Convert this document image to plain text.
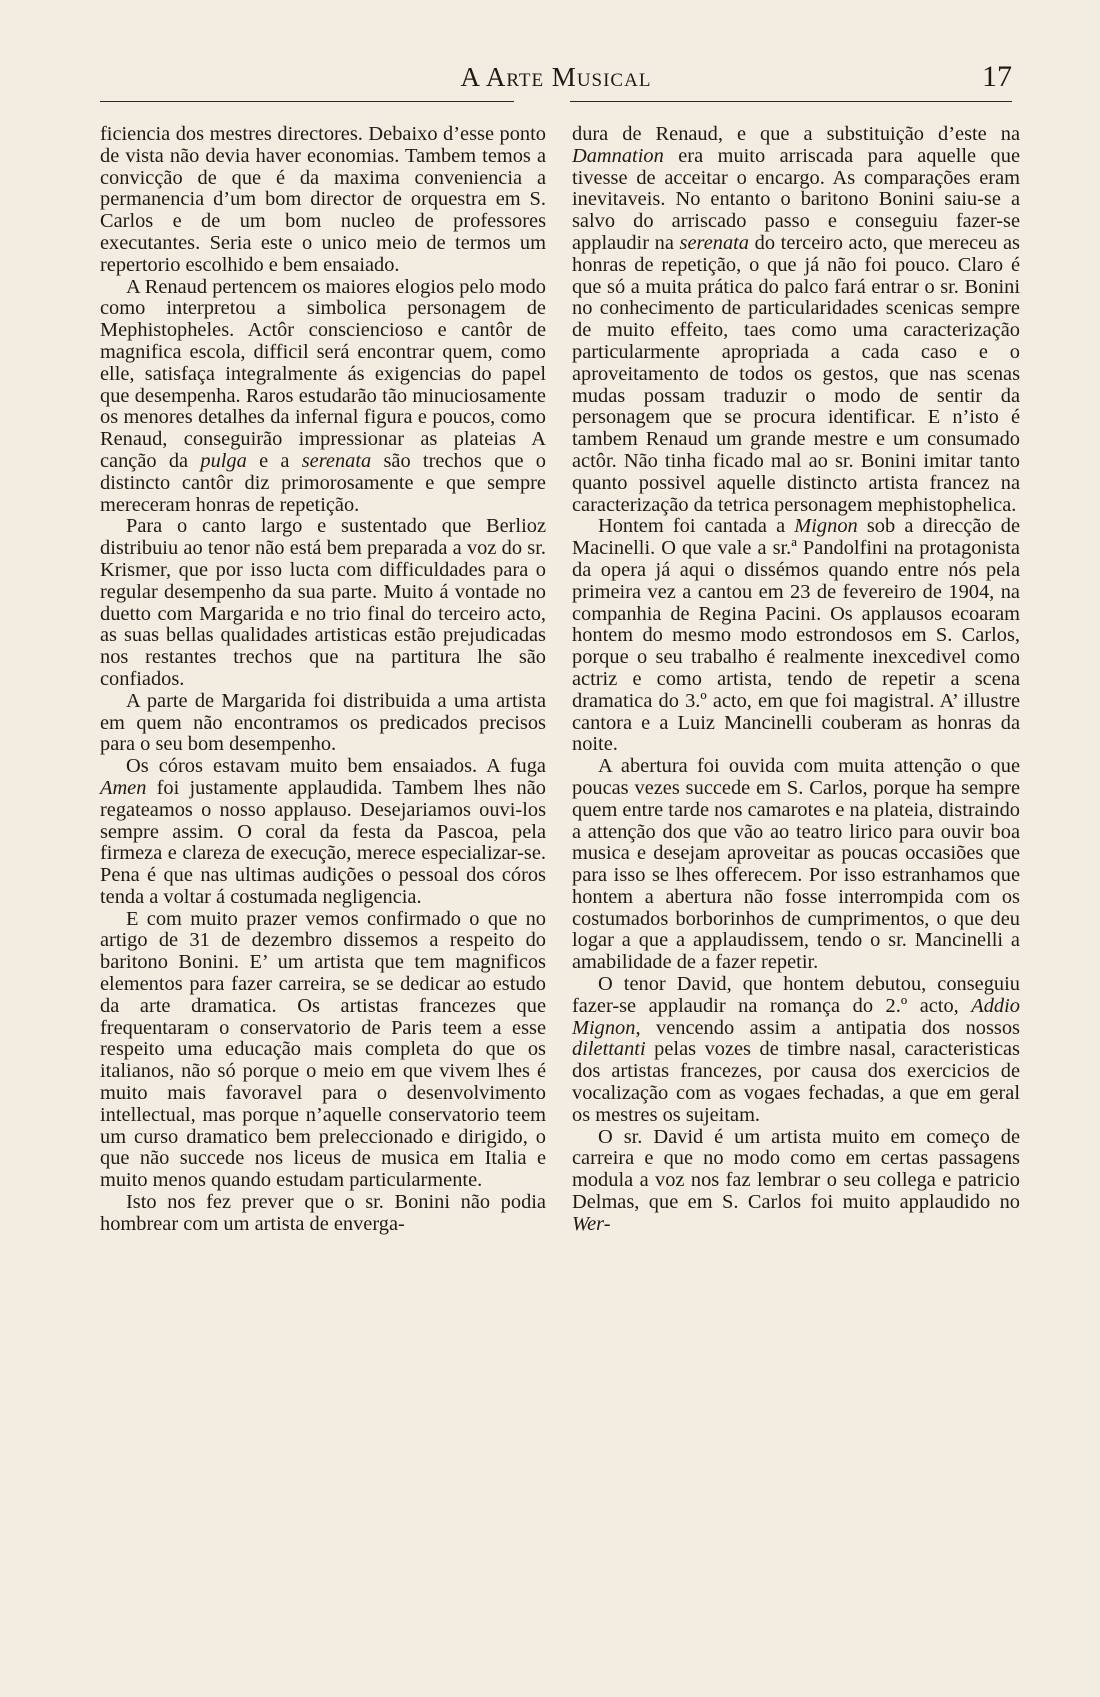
A Arte Musical	17

ficiencia dos mestres directores. Debaixo d’esse ponto de vista não devia haver economias. Tambem temos a convicção de que é da maxima conveniencia a permanencia d’um bom director de orquestra em S. Carlos e de um bom nucleo de professores executantes. Seria este o unico meio de termos um repertorio escolhido e bem ensaiado.

A Renaud pertencem os maiores elogios pelo modo como interpretou a simbolica personagem de Mephistopheles. Actôr consciencioso e cantôr de magnifica escola, difficil será encontrar quem, como elle, satisfaça integralmente ás exigencias do papel que desempenha. Raros estudarão tão minuciosamente os menores detalhes da infernal figura e poucos, como Renaud, conseguirão impressionar as plateias A canção da pulga e a serenata são trechos que o distincto cantôr diz primorosamente e que sempre mereceram honras de repetição.

Para o canto largo e sustentado que Berlioz distribuiu ao tenor não está bem preparada a voz do sr. Krismer, que por isso lucta com difficuldades para o regular desempenho da sua parte. Muito á vontade no duetto com Margarida e no trio final do terceiro acto, as suas bellas qualidades artisticas estão prejudicadas nos restantes trechos que na partitura lhe são confiados.

A parte de Margarida foi distribuida a uma artista em quem não encontramos os predicados precisos para o seu bom desempenho.

Os córos estavam muito bem ensaiados. A fuga Amen foi justamente applaudida. Tambem lhes não regateamos o nosso applauso. Desejariamos ouvi-los sempre assim. O coral da festa da Pascoa, pela firmeza e clareza de execução, merece especializar-se. Pena é que nas ultimas audições o pessoal dos córos tenda a voltar á costumada negligencia.

E com muito prazer vemos confirmado o que no artigo de 31 de dezembro dissemos a respeito do baritono Bonini. E’ um artista que tem magnificos elementos para fazer carreira, se se dedicar ao estudo da arte dramatica. Os artistas francezes que frequentaram o conservatorio de Paris teem a esse respeito uma educação mais completa do que os italianos, não só porque o meio em que vivem lhes é muito mais favoravel para o desenvolvimento intellectual, mas porque n’aquelle conservatorio teem um curso dramatico bem preleccionado e dirigido, o que não succede nos liceus de musica em Italia e muito menos quando estudam particularmente.

Isto nos fez prever que o sr. Bonini não podia hombrear com um artista de enverga-

dura de Renaud, e que a substituição d’este na Damnation era muito arriscada para aquelle que tivesse de acceitar o encargo. As comparações eram inevitaveis. No entanto o baritono Bonini saiu-se a salvo do arriscado passo e conseguiu fazer-se applaudir na serenata do terceiro acto, que mereceu as honras de repetição, o que já não foi pouco. Claro é que só a muita prática do palco fará entrar o sr. Bonini no conhecimento de particularidades scenicas sempre de muito effeito, taes como uma caracterização particularmente apropriada a cada caso e o aproveitamento de todos os gestos, que nas scenas mudas possam traduzir o modo de sentir da personagem que se procura identificar. E n’isto é tambem Renaud um grande mestre e um consumado actôr. Não tinha ficado mal ao sr. Bonini imitar tanto quanto possivel aquelle distincto artista francez na caracterização da tetrica personagem mephistophelica.

Hontem foi cantada a Mignon sob a direcção de Macinelli. O que vale a sr.ª Pandolfini na protagonista da opera já aqui o dissémos quando entre nós pela primeira vez a cantou em 23 de fevereiro de 1904, na companhia de Regina Pacini. Os applausos ecoaram hontem do mesmo modo estrondosos em S. Carlos, porque o seu trabalho é realmente inexcedivel como actriz e como artista, tendo de repetir a scena dramatica do 3.º acto, em que foi magistral. A’ illustre cantora e a Luiz Mancinelli couberam as honras da noite.

A abertura foi ouvida com muita attenção o que poucas vezes succede em S. Carlos, porque ha sempre quem entre tarde nos camarotes e na plateia, distraindo a attenção dos que vão ao teatro lirico para ouvir boa musica e desejam aproveitar as poucas occasiões que para isso se lhes offerecem. Por isso estranhamos que hontem a abertura não fosse interrompida com os costumados borborinhos de cumprimentos, o que deu logar a que a applaudissem, tendo o sr. Mancinelli a amabilidade de a fazer repetir.

O tenor David, que hontem debutou, conseguiu fazer-se applaudir na romança do 2.º acto, Addio Mignon, vencendo assim a antipatia dos nossos dilettanti pelas vozes de timbre nasal, caracteristicas dos artistas francezes, por causa dos exercicios de vocalização com as vogaes fechadas, a que em geral os mestres os sujeitam.

O sr. David é um artista muito em começo de carreira e que no modo como em certas passagens modula a voz nos faz lembrar o seu collega e patricio Delmas, que em S. Carlos foi muito applaudido no Wer-
